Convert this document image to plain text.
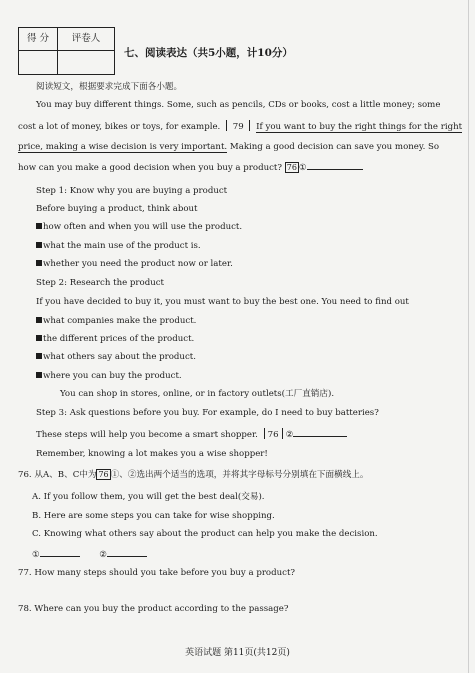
得 分	评卷人
七、阅读表达（共5小题，计10分）
阅读短文，根据要求完成下面各小题。
You may buy different things. Some, such as pencils, CDs or books, cost a little money; some
cost a lot of money, bikes or toys, for example. 79 If you want to buy the right things for the right
price, making a wise decision is very important. Making a good decision can save you money. So
how can you make a good decision when you buy a product? 76 ①
Step 1: Know why you are buying a product
Before buying a product, think about
how often and when you will use the product.
what the main use of the product is.
whether you need the product now or later.
Step 2: Research the product
If you have decided to buy it, you must want to buy the best one. You need to find out
what companies make the product.
the different prices of the product.
what others say about the product.
where you can buy the product.
You can shop in stores, online, or in factory outlets(工厂直销店).
Step 3: Ask questions before you buy. For example, do I need to buy batteries?
These steps will help you become a smart shopper. 76 ②
Remember, knowing a lot makes you a wise shopper!
76. 从A、B、C中为 76 ①、②选出两个适当的选项，并将其字母标号分别填在下面横线上。
A. If you follow them, you will get the best deal(交易).
B. Here are some steps you can take for wise shopping.
C. Knowing what others say about the product can help you make the decision.
①	②
77. How many steps should you take before you buy a product?
78. Where can you buy the product according to the passage?
英语试题 第11页(共12页)
